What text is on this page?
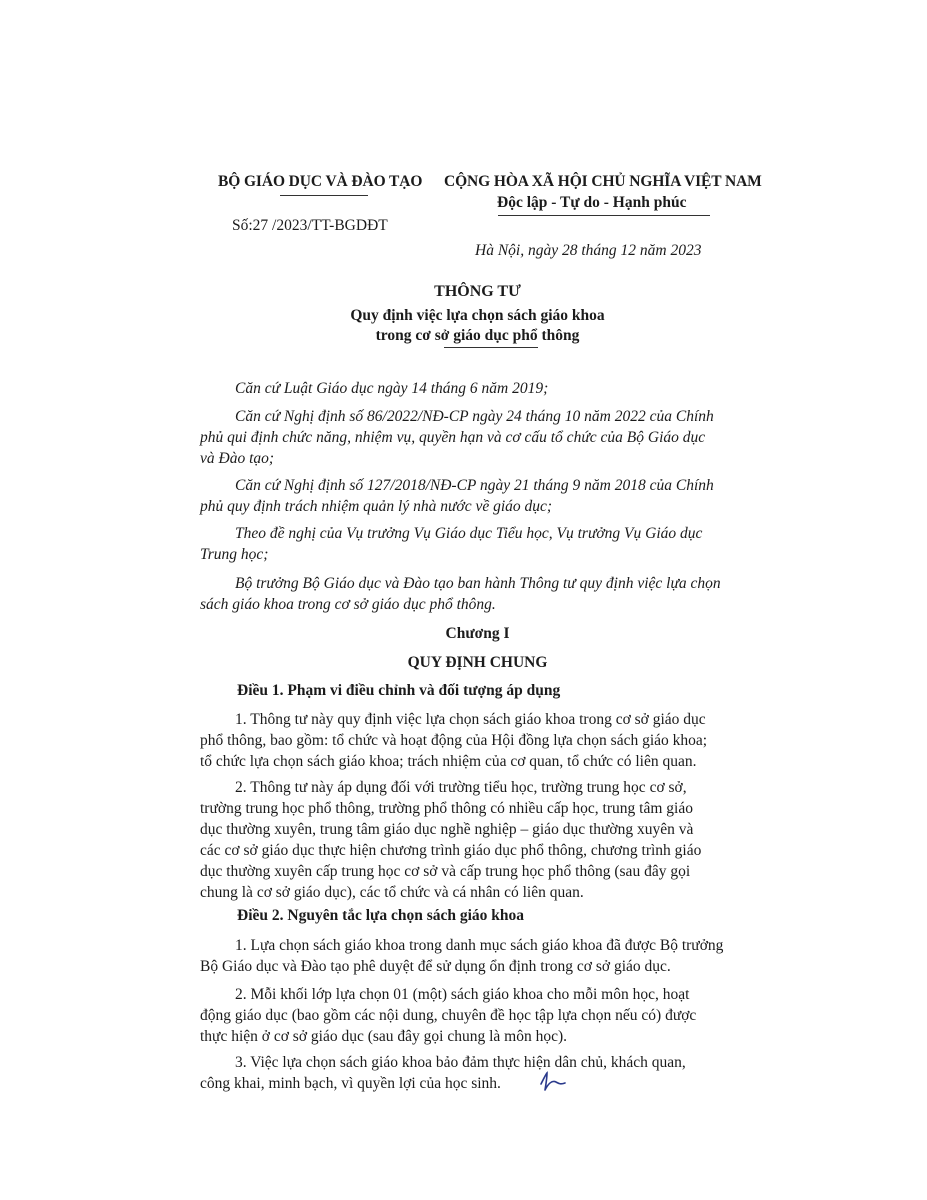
BỘ GIÁO DỤC VÀ ĐÀO TẠO CỘNG HÒA XÃ HỘI CHỦ NGHĨA VIỆT NAM
Độc lập - Tự do - Hạnh phúc
Số:27 /2023/TT-BGDĐT
Hà Nội, ngày 28 tháng 12 năm 2023
THÔNG TƯ
Quy định việc lựa chọn sách giáo khoa
trong cơ sở giáo dục phổ thông
Căn cứ Luật Giáo dục ngày 14 tháng 6 năm 2019;
Căn cứ Nghị định số 86/2022/NĐ-CP ngày 24 tháng 10 năm 2022 của Chính
phủ qui định chức năng, nhiệm vụ, quyền hạn và cơ cấu tổ chức của Bộ Giáo dục
và Đào tạo;
Căn cứ Nghị định số 127/2018/NĐ-CP ngày 21 tháng 9 năm 2018 của Chính
phủ quy định trách nhiệm quản lý nhà nước về giáo dục;
Theo đề nghị của Vụ trưởng Vụ Giáo dục Tiểu học, Vụ trưởng Vụ Giáo dục
Trung học;
Bộ trưởng Bộ Giáo dục và Đào tạo ban hành Thông tư quy định việc lựa chọn
sách giáo khoa trong cơ sở giáo dục phổ thông.
Chương I
QUY ĐỊNH CHUNG
Điều 1. Phạm vi điều chỉnh và đối tượng áp dụng
1. Thông tư này quy định việc lựa chọn sách giáo khoa trong cơ sở giáo dục
phổ thông, bao gồm: tổ chức và hoạt động của Hội đồng lựa chọn sách giáo khoa;
tổ chức lựa chọn sách giáo khoa; trách nhiệm của cơ quan, tổ chức có liên quan.
2. Thông tư này áp dụng đối với trường tiểu học, trường trung học cơ sở,
trường trung học phổ thông, trường phổ thông có nhiều cấp học, trung tâm giáo
dục thường xuyên, trung tâm giáo dục nghề nghiệp – giáo dục thường xuyên và
các cơ sở giáo dục thực hiện chương trình giáo dục phổ thông, chương trình giáo
dục thường xuyên cấp trung học cơ sở và cấp trung học phổ thông (sau đây gọi
chung là cơ sở giáo dục), các tổ chức và cá nhân có liên quan.
Điều 2. Nguyên tắc lựa chọn sách giáo khoa
1. Lựa chọn sách giáo khoa trong danh mục sách giáo khoa đã được Bộ trưởng
Bộ Giáo dục và Đào tạo phê duyệt để sử dụng ổn định trong cơ sở giáo dục.
2. Mỗi khối lớp lựa chọn 01 (một) sách giáo khoa cho mỗi môn học, hoạt
động giáo dục (bao gồm các nội dung, chuyên đề học tập lựa chọn nếu có) được
thực hiện ở cơ sở giáo dục (sau đây gọi chung là môn học).
3. Việc lựa chọn sách giáo khoa bảo đảm thực hiện dân chủ, khách quan,
công khai, minh bạch, vì quyền lợi của học sinh.
